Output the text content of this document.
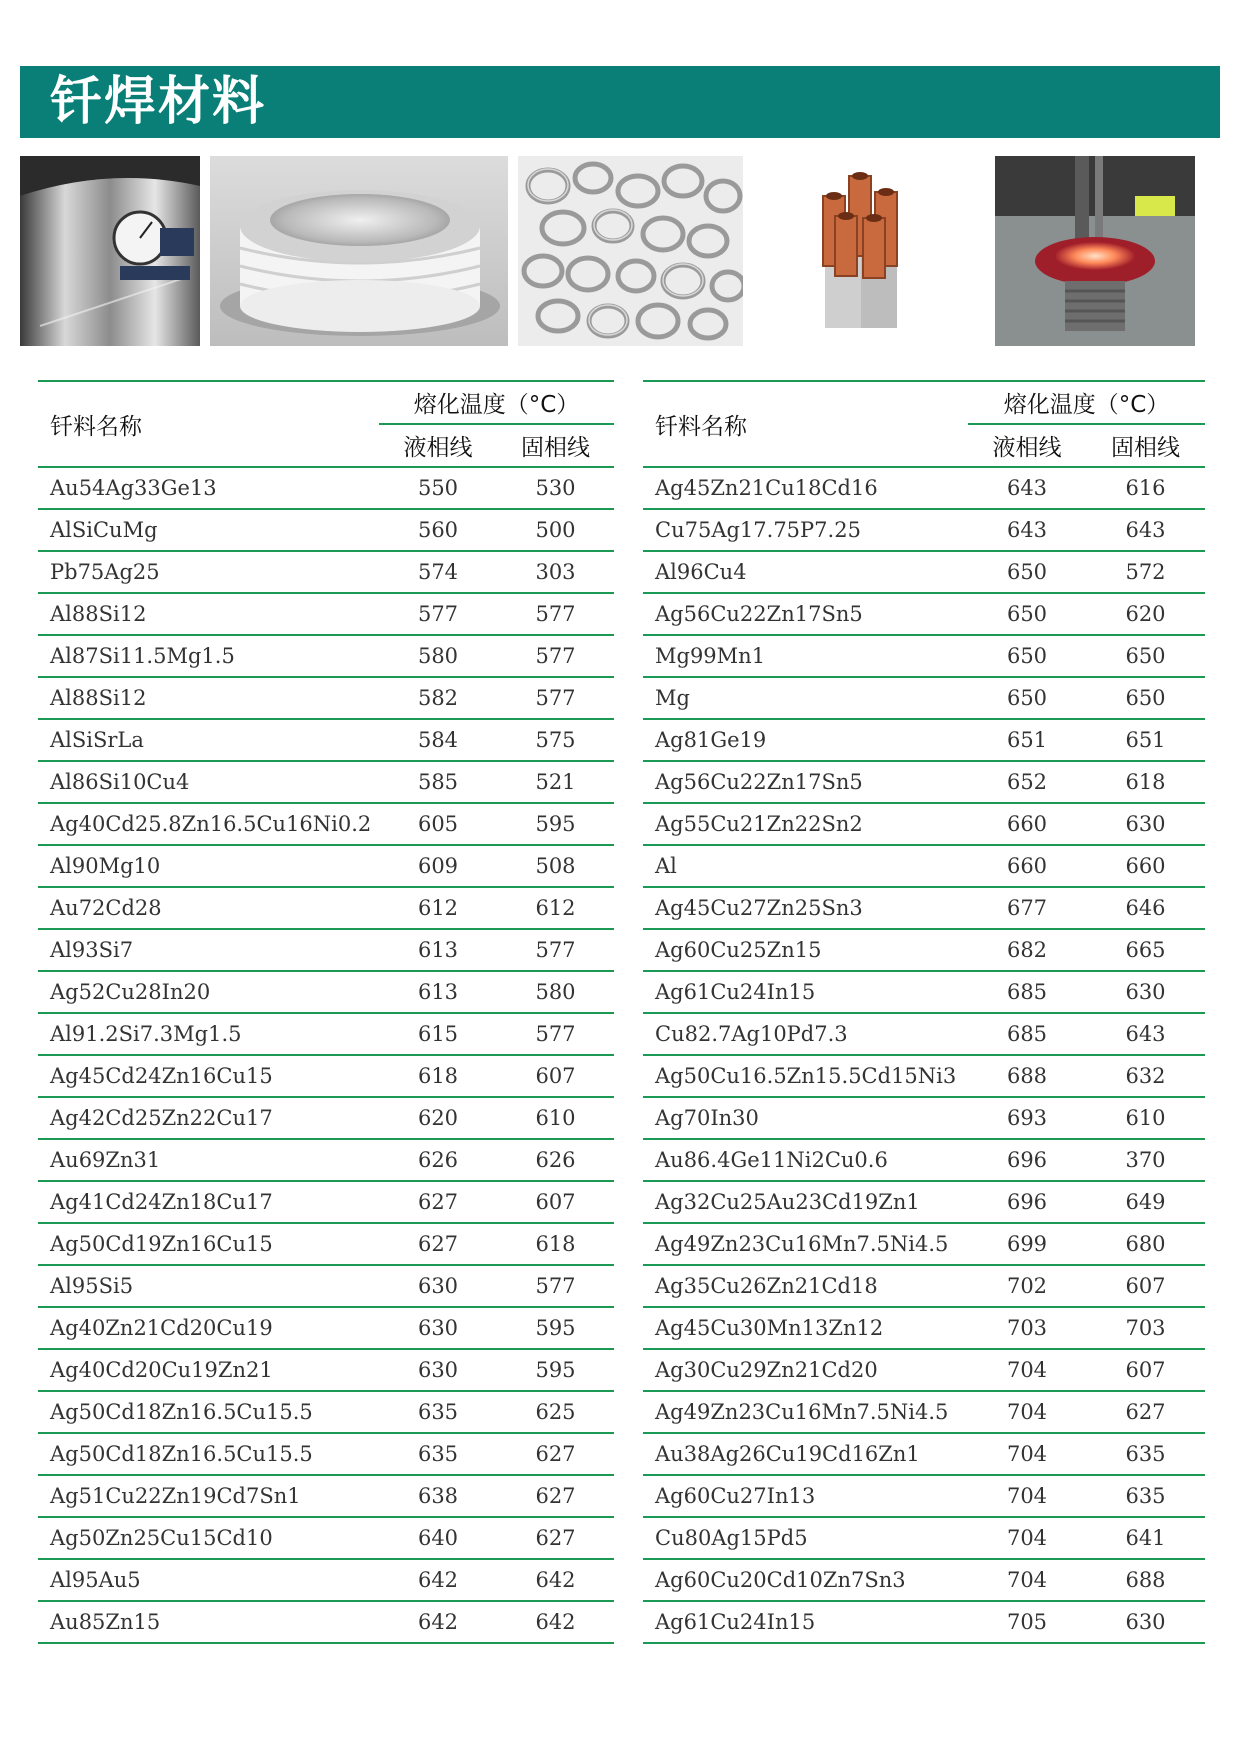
钎焊材料
钎料名称	熔化温度（°C）	
	液相线	固相线
Au54Ag33Ge13	550	530
AlSiCuMg	560	500
Pb75Ag25	574	303
Al88Si12	577	577
Al87Si11.5Mg1.5	580	577
Al88Si12	582	577
AlSiSrLa	584	575
Al86Si10Cu4	585	521
Ag40Cd25.8Zn16.5Cu16Ni0.2	605	595
Al90Mg10	609	508
Au72Cd28	612	612
Al93Si7	613	577
Ag52Cu28In20	613	580
Al91.2Si7.3Mg1.5	615	577
Ag45Cd24Zn16Cu15	618	607
Ag42Cd25Zn22Cu17	620	610
Au69Zn31	626	626
Ag41Cd24Zn18Cu17	627	607
Ag50Cd19Zn16Cu15	627	618
Al95Si5	630	577
Ag40Zn21Cd20Cu19	630	595
Ag40Cd20Cu19Zn21	630	595
Ag50Cd18Zn16.5Cu15.5	635	625
Ag50Cd18Zn16.5Cu15.5	635	627
Ag51Cu22Zn19Cd7Sn1	638	627
Ag50Zn25Cu15Cd10	640	627
Al95Au5	642	642
Au85Zn15	642	642
钎料名称	熔化温度（°C）	
	液相线	固相线
Ag45Zn21Cu18Cd16	643	616
Cu75Ag17.75P7.25	643	643
Al96Cu4	650	572
Ag56Cu22Zn17Sn5	650	620
Mg99Mn1	650	650
Mg	650	650
Ag81Ge19	651	651
Ag56Cu22Zn17Sn5	652	618
Ag55Cu21Zn22Sn2	660	630
Al	660	660
Ag45Cu27Zn25Sn3	677	646
Ag60Cu25Zn15	682	665
Ag61Cu24In15	685	630
Cu82.7Ag10Pd7.3	685	643
Ag50Cu16.5Zn15.5Cd15Ni3	688	632
Ag70In30	693	610
Au86.4Ge11Ni2Cu0.6	696	370
Ag32Cu25Au23Cd19Zn1	696	649
Ag49Zn23Cu16Mn7.5Ni4.5	699	680
Ag35Cu26Zn21Cd18	702	607
Ag45Cu30Mn13Zn12	703	703
Ag30Cu29Zn21Cd20	704	607
Ag49Zn23Cu16Mn7.5Ni4.5	704	627
Au38Ag26Cu19Cd16Zn1	704	635
Ag60Cu27In13	704	635
Cu80Ag15Pd5	704	641
Ag60Cu20Cd10Zn7Sn3	704	688
Ag61Cu24In15	705	630
